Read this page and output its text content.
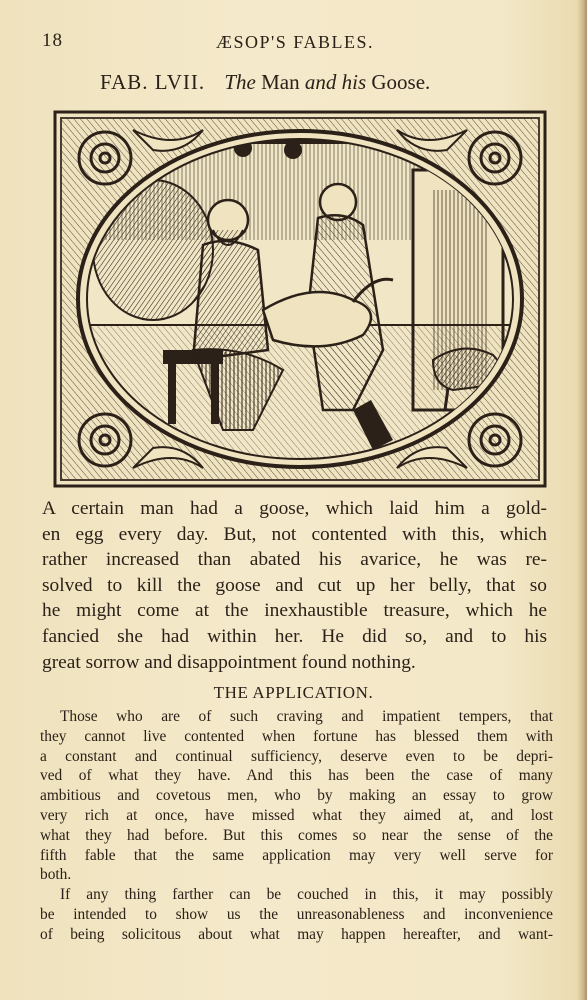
18	ÆSOP'S FABLES.
FAB. LVII. The Man and his Goose.

A certain man had a goose, which laid him a gold-
en egg every day. But, not contented with this, which
rather increased than abated his avarice, he was re-
solved to kill the goose and cut up her belly, that so
he might come at the inexhaustible treasure, which he
fancied she had within her. He did so, and to his
great sorrow and disappointment found nothing.

THE APPLICATION.
Those who are of such craving and impatient tempers, that
they cannot live contented when fortune has blessed them with
a constant and continual sufficiency, deserve even to be depri-
ved of what they have. And this has been the case of many
ambitious and covetous men, who by making an essay to grow
very rich at once, have missed what they aimed at, and lost
what they had before. But this comes so near the sense of the
fifth fable that the same application may very well serve for
both.
If any thing farther can be couched in this, it may possibly
be intended to show us the unreasonableness and inconvenience
of being solicitous about what may happen hereafter, and want-
